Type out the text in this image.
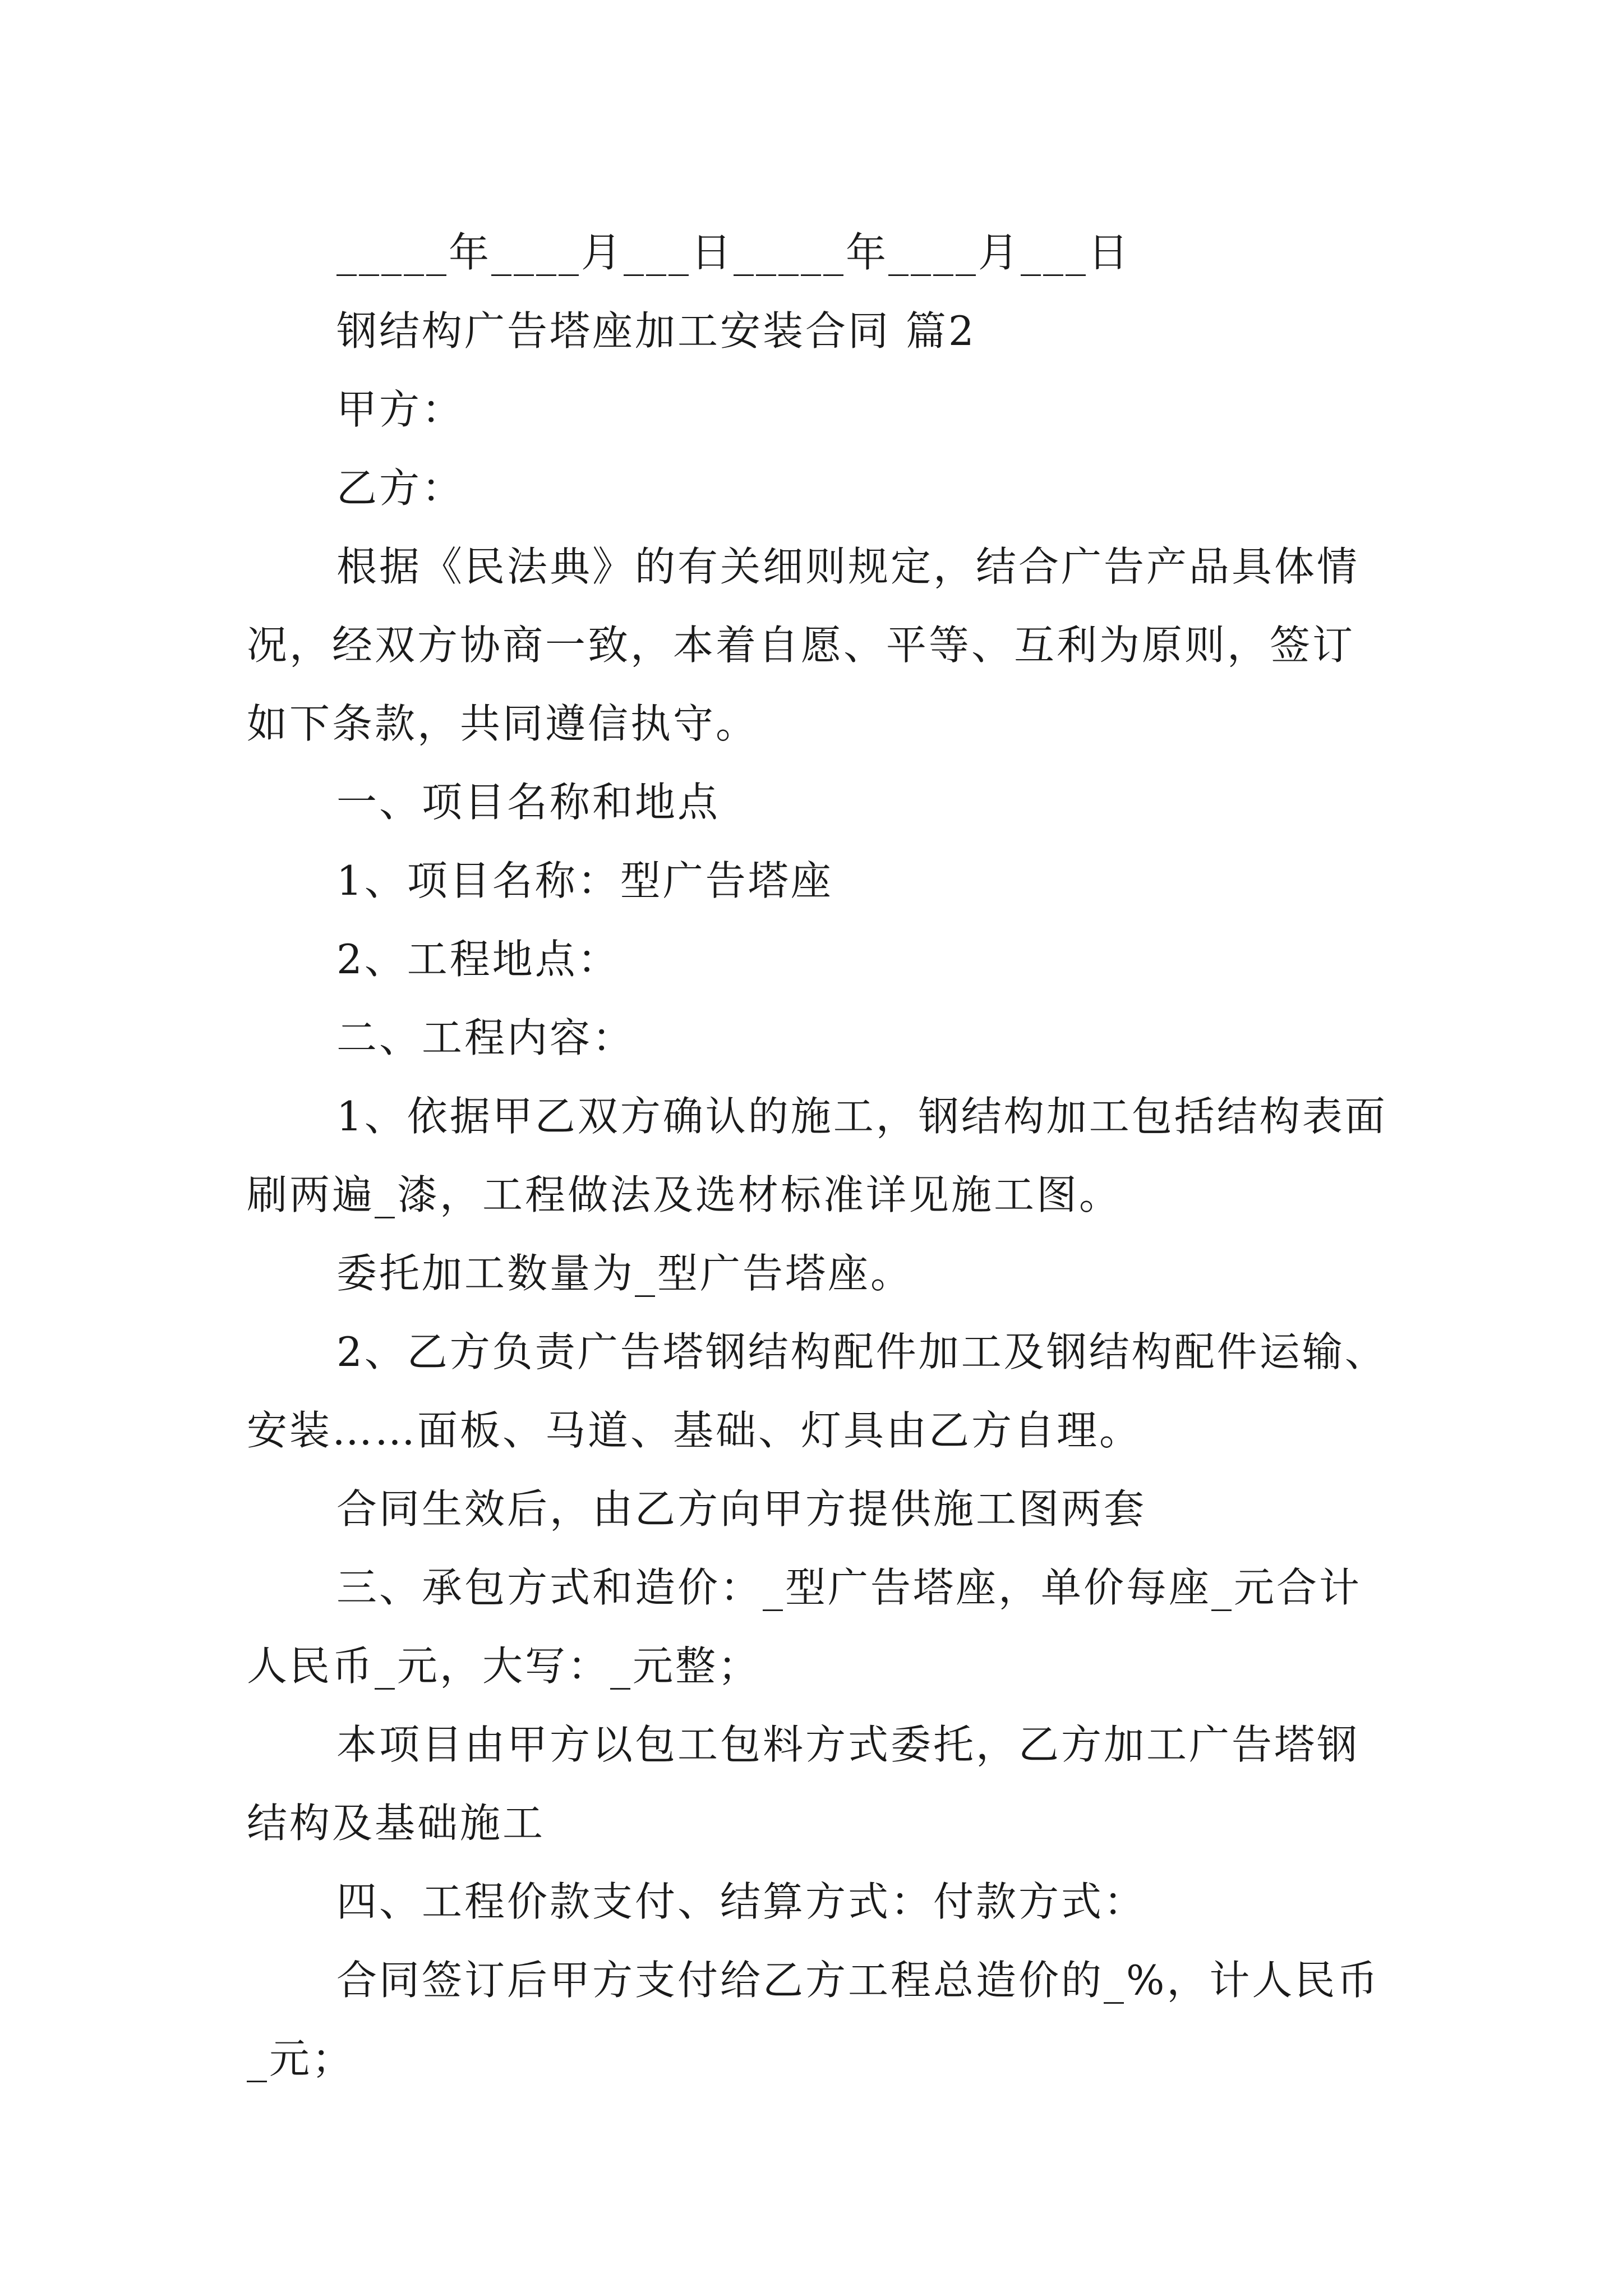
_____年____月___日_____年____月___日

钢结构广告塔座加工安装合同 篇2

甲方：

乙方：

根据《民法典》的有关细则规定，结合广告产品具体情况，经双方协商一致，本着自愿、平等、互利为原则，签订如下条款，共同遵信执守。

一、项目名称和地点

1、项目名称：型广告塔座

2、工程地点：

二、工程内容：

1、依据甲乙双方确认的施工，钢结构加工包括结构表面刷两遍_漆，工程做法及选材标准详见施工图。

委托加工数量为_型广告塔座。

2、乙方负责广告塔钢结构配件加工及钢结构配件运输、安装……面板、马道、基础、灯具由乙方自理。

合同生效后，由乙方向甲方提供施工图两套

三、承包方式和造价：_型广告塔座，单价每座_元合计人民币_元，大写：_元整；

本项目由甲方以包工包料方式委托，乙方加工广告塔钢结构及基础施工

四、工程价款支付、结算方式：付款方式：

合同签订后甲方支付给乙方工程总造价的_%，计人民币_元；
